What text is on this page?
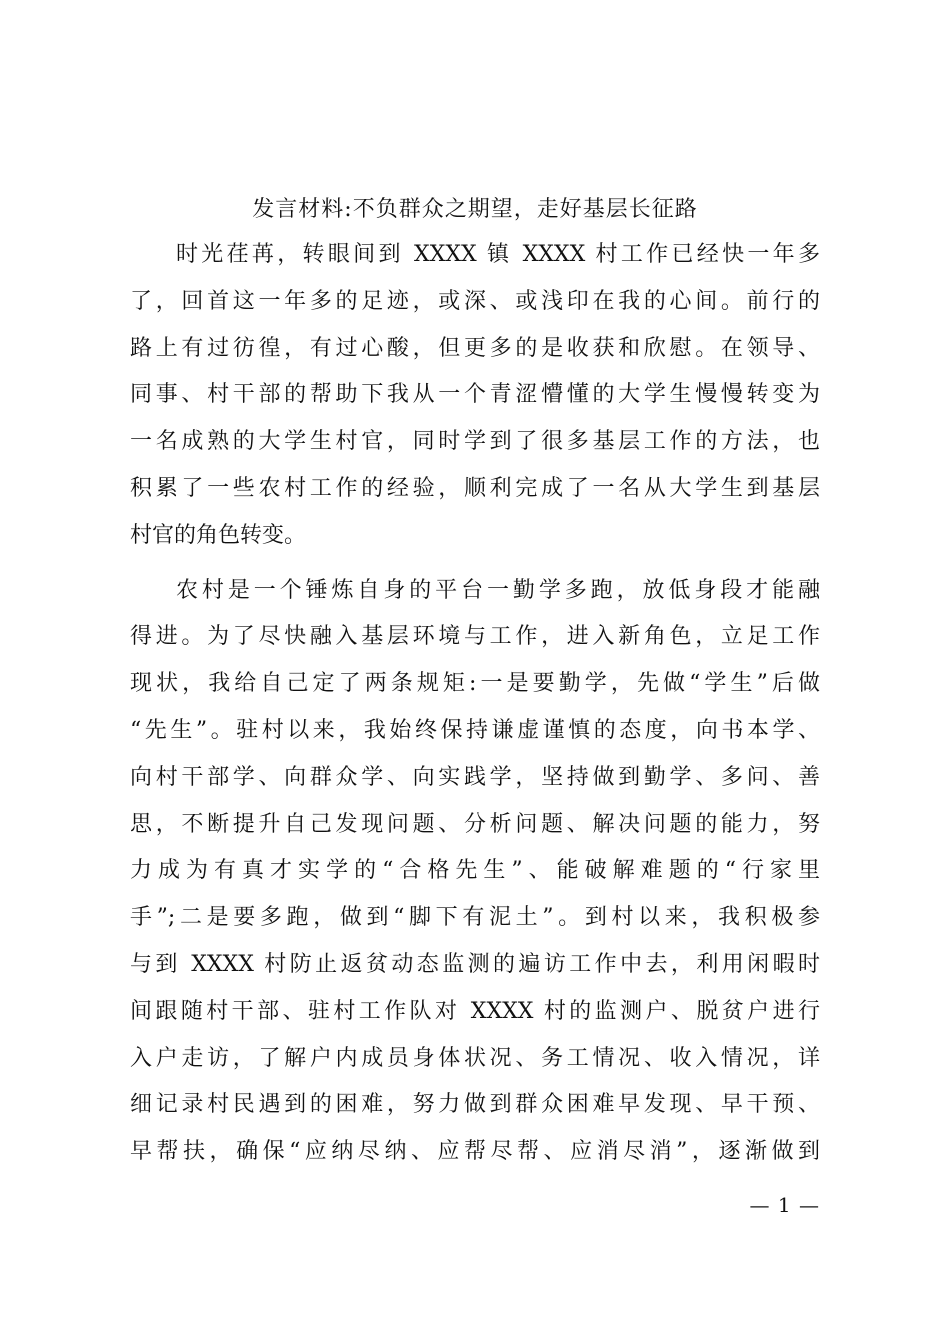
发言材料:不负群众之期望，走好基层长征路
时光荏苒，转眼间到 XXXX 镇 XXXX 村工作已经快一年多
了，回首这一年多的足迹，或深、或浅印在我的心间。前行的
路上有过彷徨，有过心酸，但更多的是收获和欣慰。在领导、
同事、村干部的帮助下我从一个青涩懵懂的大学生慢慢转变为
一名成熟的大学生村官，同时学到了很多基层工作的方法，也
积累了一些农村工作的经验，顺利完成了一名从大学生到基层
村官的角色转变。
农村是一个锤炼自身的平台一勤学多跑，放低身段才能融
得进。为了尽快融入基层环境与工作，进入新角色，立足工作
现状，我给自己定了两条规矩:一是要勤学，先做“学生”后做
“先生”。驻村以来，我始终保持谦虚谨慎的态度，向书本学、
向村干部学、向群众学、向实践学，坚持做到勤学、多问、善
思，不断提升自己发现问题、分析问题、解决问题的能力，努
力成为有真才实学的“合格先生”、能破解难题的“行家里
手”;二是要多跑，做到“脚下有泥土”。到村以来，我积极参
与到 XXXX 村防止返贫动态监测的遍访工作中去，利用闲暇时
间跟随村干部、驻村工作队对 XXXX 村的监测户、脱贫户进行
入户走访，了解户内成员身体状况、务工情况、收入情况，详
细记录村民遇到的困难，努力做到群众困难早发现、早干预、
早帮扶，确保“应纳尽纳、应帮尽帮、应消尽消”，逐渐做到
— 1 —
